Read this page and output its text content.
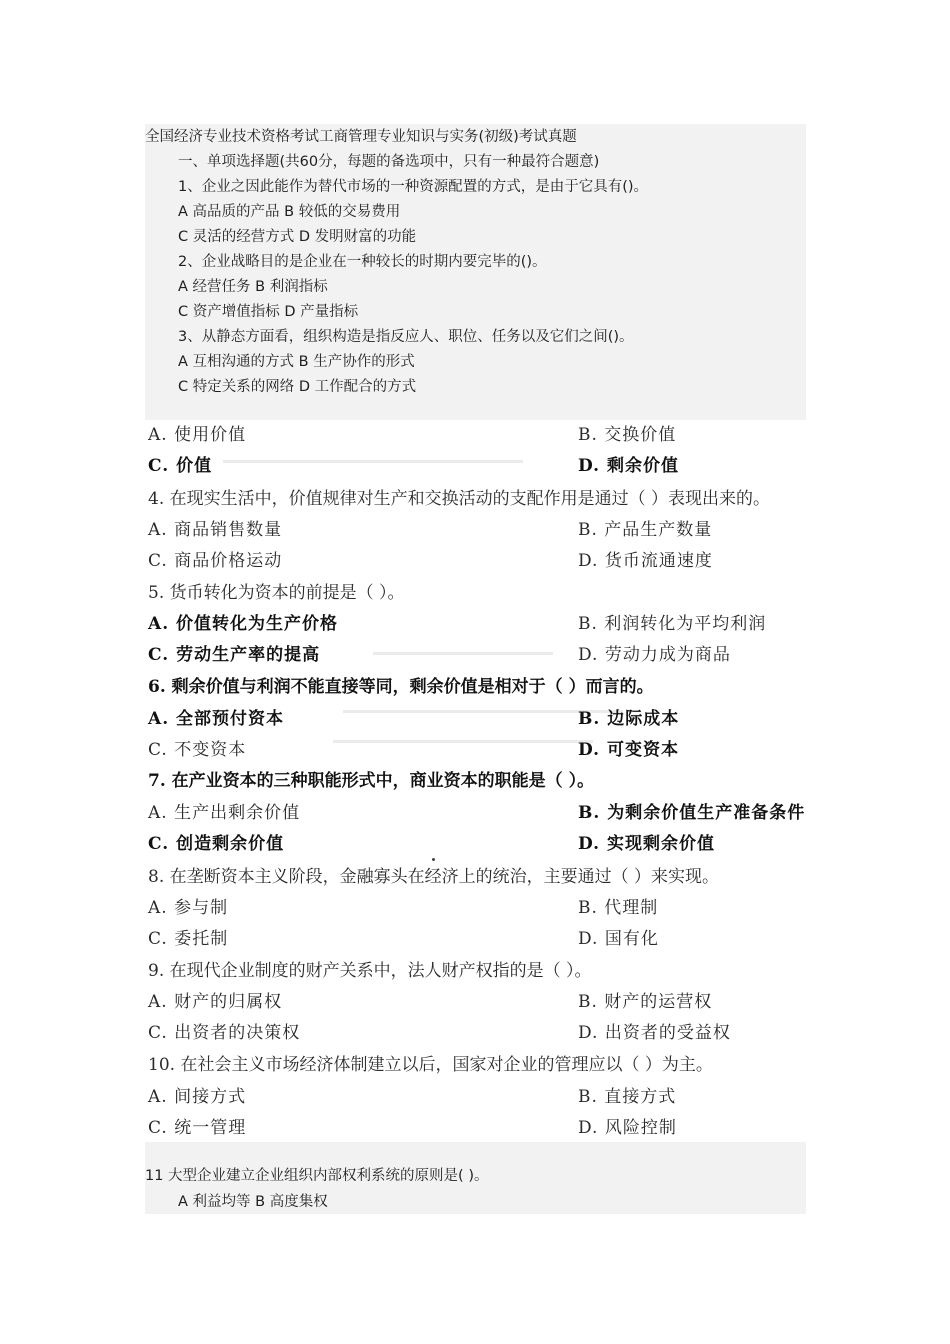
全国经济专业技术资格考试工商管理专业知识与实务(初级)考试真题
一、单项选择题(共60分，每题的备选项中，只有一种最符合题意)
1、企业之因此能作为替代市场的一种资源配置的方式，是由于它具有()。
A 高品质的产品 B 较低的交易费用
C 灵活的经营方式 D 发明财富的功能
2、企业战略目的是企业在一种较长的时期内要完毕的()。
A 经营任务 B 利润指标
C 资产增值指标 D 产量指标
3、从静态方面看，组织构造是指反应人、职位、任务以及它们之间()。
A 互相沟通的方式 B 生产协作的形式
C 特定关系的网络 D 工作配合的方式
A. 使用价值	B. 交换价值
C. 价值	D. 剩余价值
4. 在现实生活中，价值规律对生产和交换活动的支配作用是通过（ ）表现出来的。
A. 商品销售数量	B. 产品生产数量
C. 商品价格运动	D. 货币流通速度
5. 货币转化为资本的前提是（ ）。
A. 价值转化为生产价格	B. 利润转化为平均利润
C. 劳动生产率的提高	D. 劳动力成为商品
6. 剩余价值与利润不能直接等同，剩余价值是相对于（ ）而言的。
A. 全部预付资本	B. 边际成本
C. 不变资本	D. 可变资本
7. 在产业资本的三种职能形式中，商业资本的职能是（ ）。
A. 生产出剩余价值	B. 为剩余价值生产准备条件
C. 创造剩余价值	D. 实现剩余价值
8. 在垄断资本主义阶段，金融寡头在经济上的统治，主要通过（ ）来实现。
A. 参与制	B. 代理制
C. 委托制	D. 国有化
9. 在现代企业制度的财产关系中，法人财产权指的是（ ）。
A. 财产的归属权	B. 财产的运营权
C. 出资者的决策权	D. 出资者的受益权
10. 在社会主义市场经济体制建立以后，国家对企业的管理应以（ ）为主。
A. 间接方式	B. 直接方式
C. 统一管理	D. 风险控制
11 大型企业建立企业组织内部权利系统的原则是( )。
A 利益均等 B 高度集权
